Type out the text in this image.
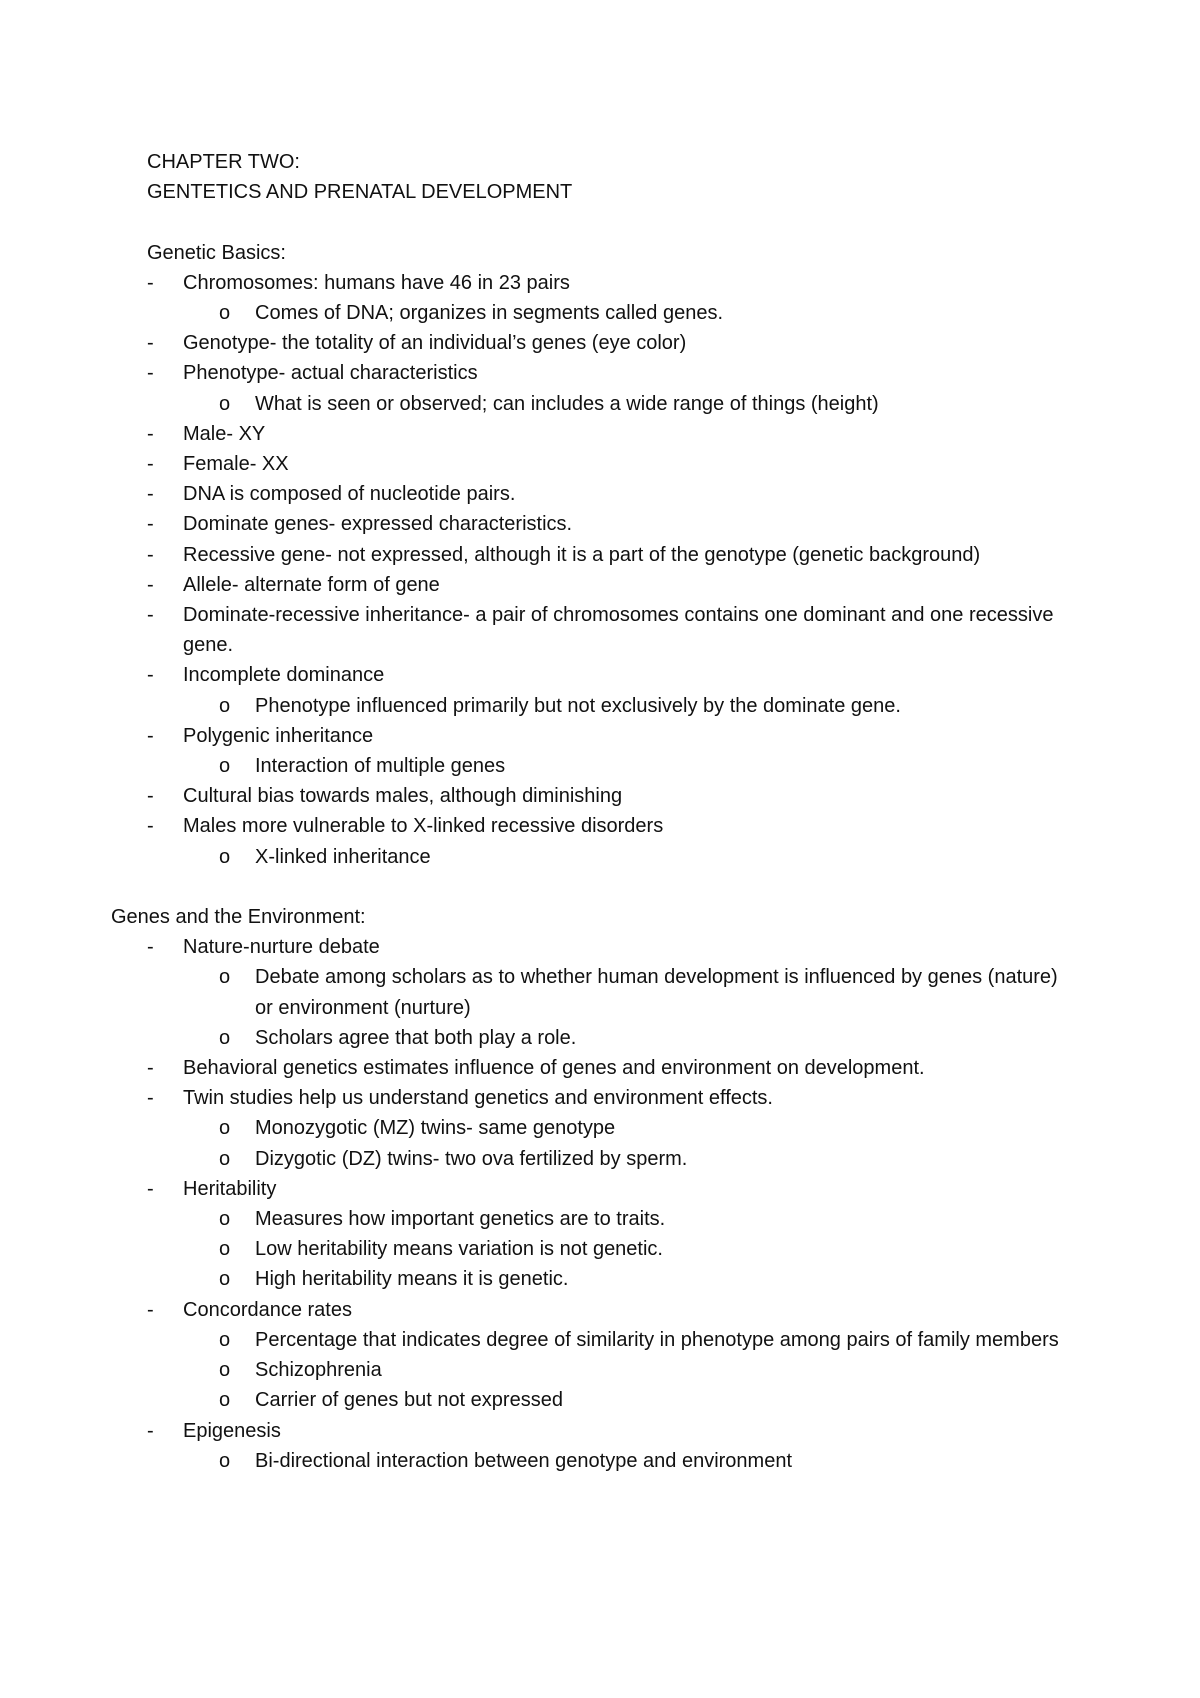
CHAPTER TWO:

GENTETICS AND PRENATAL DEVELOPMENT

Genetic Basics:

-	Chromosomes: humans have 46 in 23 pairs
o	Comes of DNA; organizes in segments called genes.
-	Genotype- the totality of an individual’s genes (eye color)
-	Phenotype- actual characteristics
o	What is seen or observed; can includes a wide range of things (height)
-	Male- XY
-	Female- XX
-	DNA is composed of nucleotide pairs.
-	Dominate genes- expressed characteristics.
-	Recessive gene- not expressed, although it is a part of the genotype (genetic background)
-	Allele- alternate form of gene
-	Dominate-recessive inheritance- a pair of chromosomes contains one dominant and one recessive gene.
-	Incomplete dominance
o	Phenotype influenced primarily but not exclusively by the dominate gene.
-	Polygenic inheritance
o	Interaction of multiple genes
-	Cultural bias towards males, although diminishing
-	Males more vulnerable to X-linked recessive disorders
o	X-linked inheritance

Genes and the Environment:

-	Nature-nurture debate
o	Debate among scholars as to whether human development is influenced by genes (nature) or environment (nurture)
o	Scholars agree that both play a role.
-	Behavioral genetics estimates influence of genes and environment on development.
-	Twin studies help us understand genetics and environment effects.
o	Monozygotic (MZ) twins- same genotype
o	Dizygotic (DZ) twins- two ova fertilized by sperm.
-	Heritability
o	Measures how important genetics are to traits.
o	Low heritability means variation is not genetic.
o	High heritability means it is genetic.
-	Concordance rates
o	Percentage that indicates degree of similarity in phenotype among pairs of family members
o	Schizophrenia
o	Carrier of genes but not expressed
-	Epigenesis
o	Bi-directional interaction between genotype and environment
